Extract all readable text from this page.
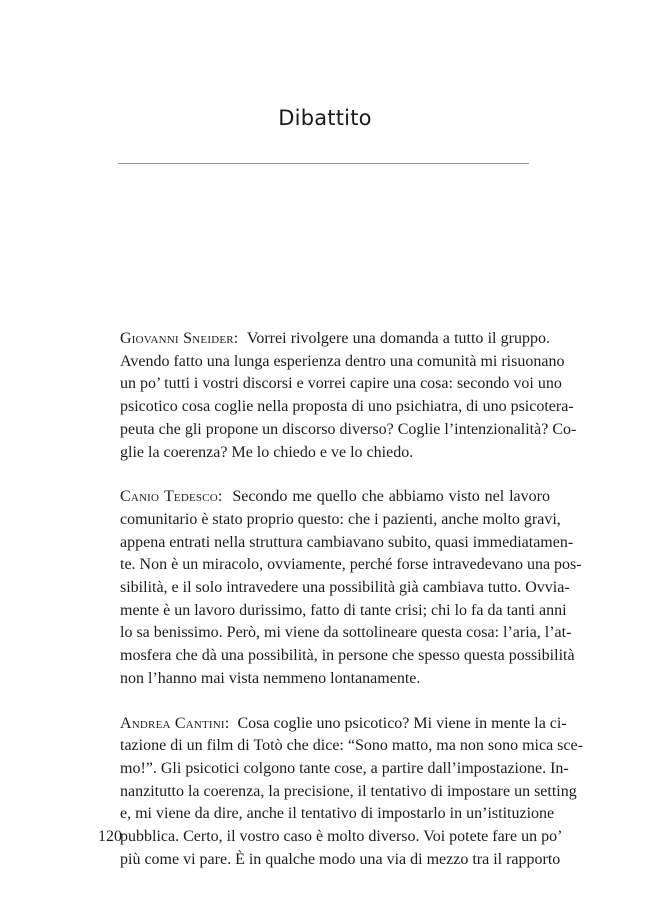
Dibattito

Giovanni Sneider: Vorrei rivolgere una domanda a tutto il gruppo.
Avendo fatto una lunga esperienza dentro una comunità mi risuonano
un po’ tutti i vostri discorsi e vorrei capire una cosa: secondo voi uno
psicotico cosa coglie nella proposta di uno psichiatra, di uno psicotera-
peuta che gli propone un discorso diverso? Coglie l’intenzionalità? Co-
glie la coerenza? Me lo chiedo e ve lo chiedo.

Canio Tedesco: Secondo me quello che abbiamo visto nel lavoro
comunitario è stato proprio questo: che i pazienti, anche molto gravi,
appena entrati nella struttura cambiavano subito, quasi immediatamen-
te. Non è un miracolo, ovviamente, perché forse intravedevano una pos-
sibilità, e il solo intravedere una possibilità già cambiava tutto. Ovvia-
mente è un lavoro durissimo, fatto di tante crisi; chi lo fa da tanti anni
lo sa benissimo. Però, mi viene da sottolineare questa cosa: l’aria, l’at-
mosfera che dà una possibilità, in persone che spesso questa possibilità
non l’hanno mai vista nemmeno lontanamente.

Andrea Cantini: Cosa coglie uno psicotico? Mi viene in mente la ci-
tazione di un film di Totò che dice: “Sono matto, ma non sono mica sce-
mo!”. Gli psicotici colgono tante cose, a partire dall’impostazione. In-
nanzitutto la coerenza, la precisione, il tentativo di impostare un setting
e, mi viene da dire, anche il tentativo di impostarlo in un’istituzione
pubblica. Certo, il vostro caso è molto diverso. Voi potete fare un po’
più come vi pare. È in qualche modo una via di mezzo tra il rapporto

120
